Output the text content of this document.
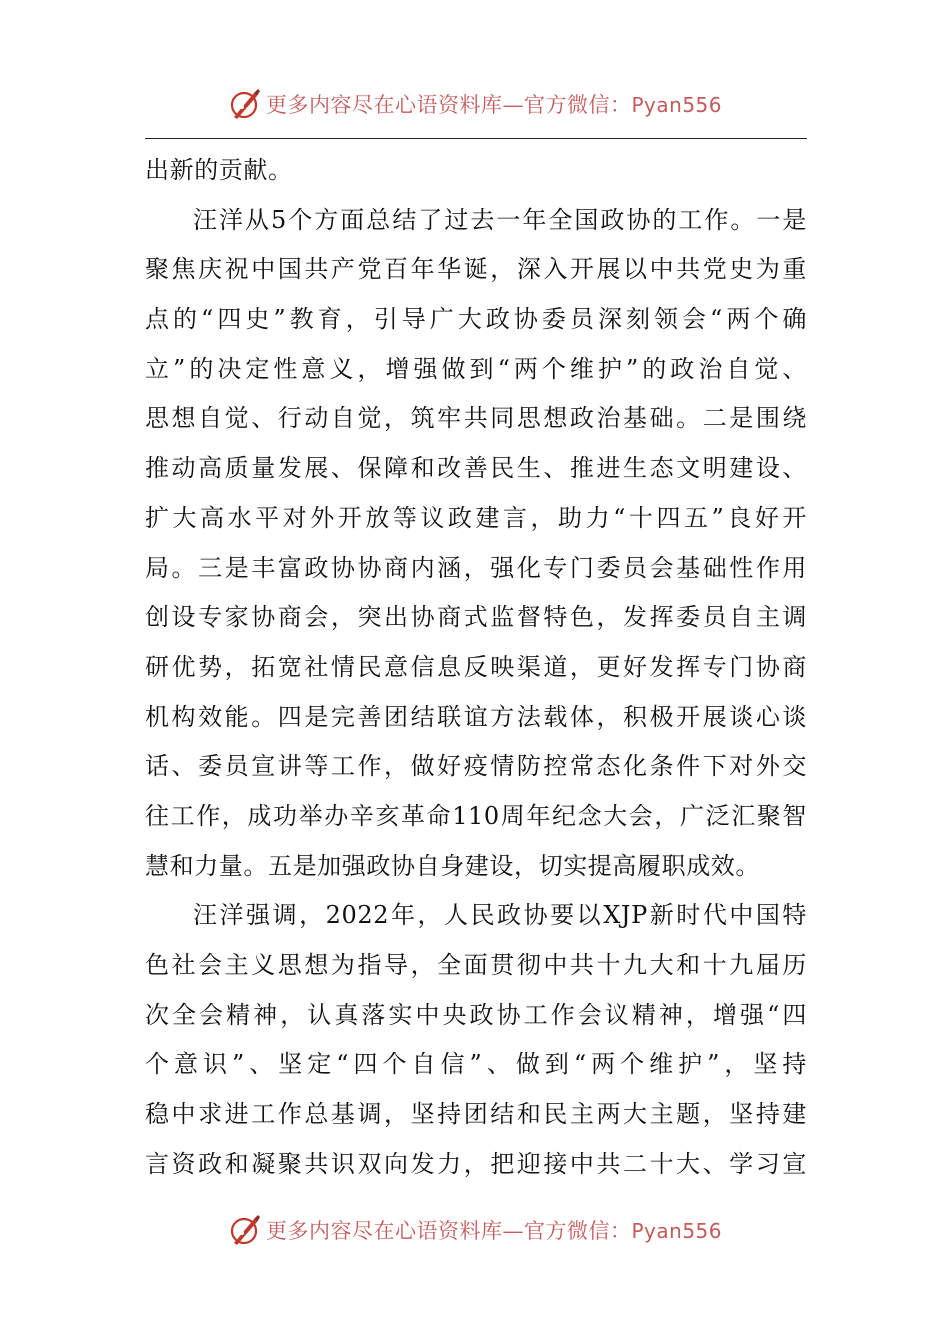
更多内容尽在心语资料库—官方微信：Pyan556
出新的贡献。
汪洋从5个方面总结了过去一年全国政协的工作。一是
聚焦庆祝中国共产党百年华诞，深入开展以中共党史为重
点的“四史”教育，引导广大政协委员深刻领会“两个确
立”的决定性意义，增强做到“两个维护”的政治自觉、
思想自觉、行动自觉，筑牢共同思想政治基础。二是围绕
推动高质量发展、保障和改善民生、推进生态文明建设、
扩大高水平对外开放等议政建言，助力“十四五”良好开
局。三是丰富政协协商内涵，强化专门委员会基础性作用
创设专家协商会，突出协商式监督特色，发挥委员自主调
研优势，拓宽社情民意信息反映渠道，更好发挥专门协商
机构效能。四是完善团结联谊方法载体，积极开展谈心谈
话、委员宣讲等工作，做好疫情防控常态化条件下对外交
往工作，成功举办辛亥革命110周年纪念大会，广泛汇聚智
慧和力量。五是加强政协自身建设，切实提高履职成效。
汪洋强调，2022年，人民政协要以XJP新时代中国特
色社会主义思想为指导，全面贯彻中共十九大和十九届历
次全会精神，认真落实中央政协工作会议精神，增强“四
个意识”、坚定“四个自信”、做到“两个维护”，坚持
稳中求进工作总基调，坚持团结和民主两大主题，坚持建
言资政和凝聚共识双向发力，把迎接中共二十大、学习宣
更多内容尽在心语资料库—官方微信：Pyan556
